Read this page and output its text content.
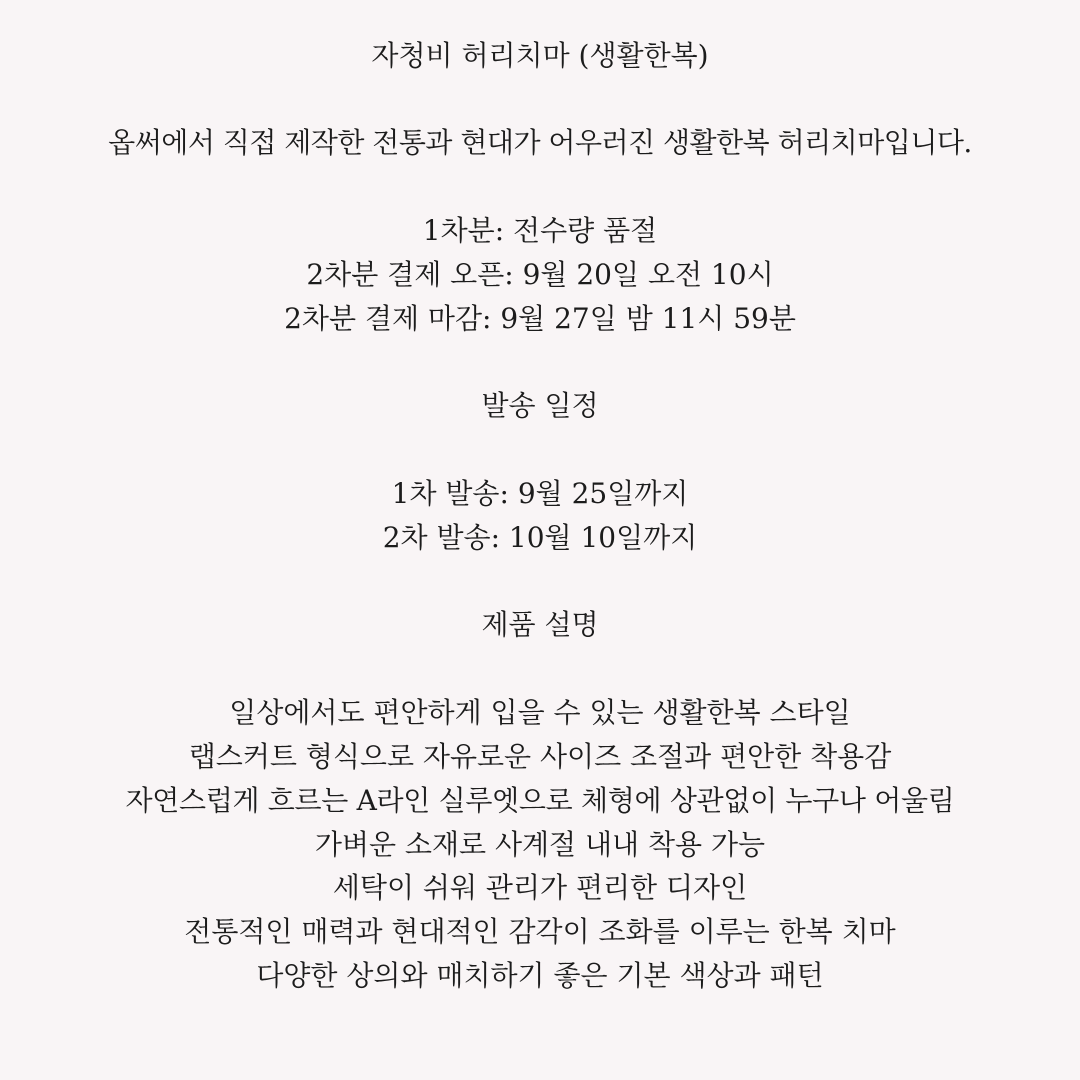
자청비 허리치마 (생활한복)
옵써에서 직접 제작한 전통과 현대가 어우러진 생활한복 허리치마입니다.
1차분: 전수량 품절
2차분 결제 오픈: 9월 20일 오전 10시
2차분 결제 마감: 9월 27일 밤 11시 59분
발송 일정
1차 발송: 9월 25일까지
2차 발송: 10월 10일까지
제품 설명
일상에서도 편안하게 입을 수 있는 생활한복 스타일
랩스커트 형식으로 자유로운 사이즈 조절과 편안한 착용감
자연스럽게 흐르는 A라인 실루엣으로 체형에 상관없이 누구나 어울림
가벼운 소재로 사계절 내내 착용 가능
세탁이 쉬워 관리가 편리한 디자인
전통적인 매력과 현대적인 감각이 조화를 이루는 한복 치마
다양한 상의와 매치하기 좋은 기본 색상과 패턴
